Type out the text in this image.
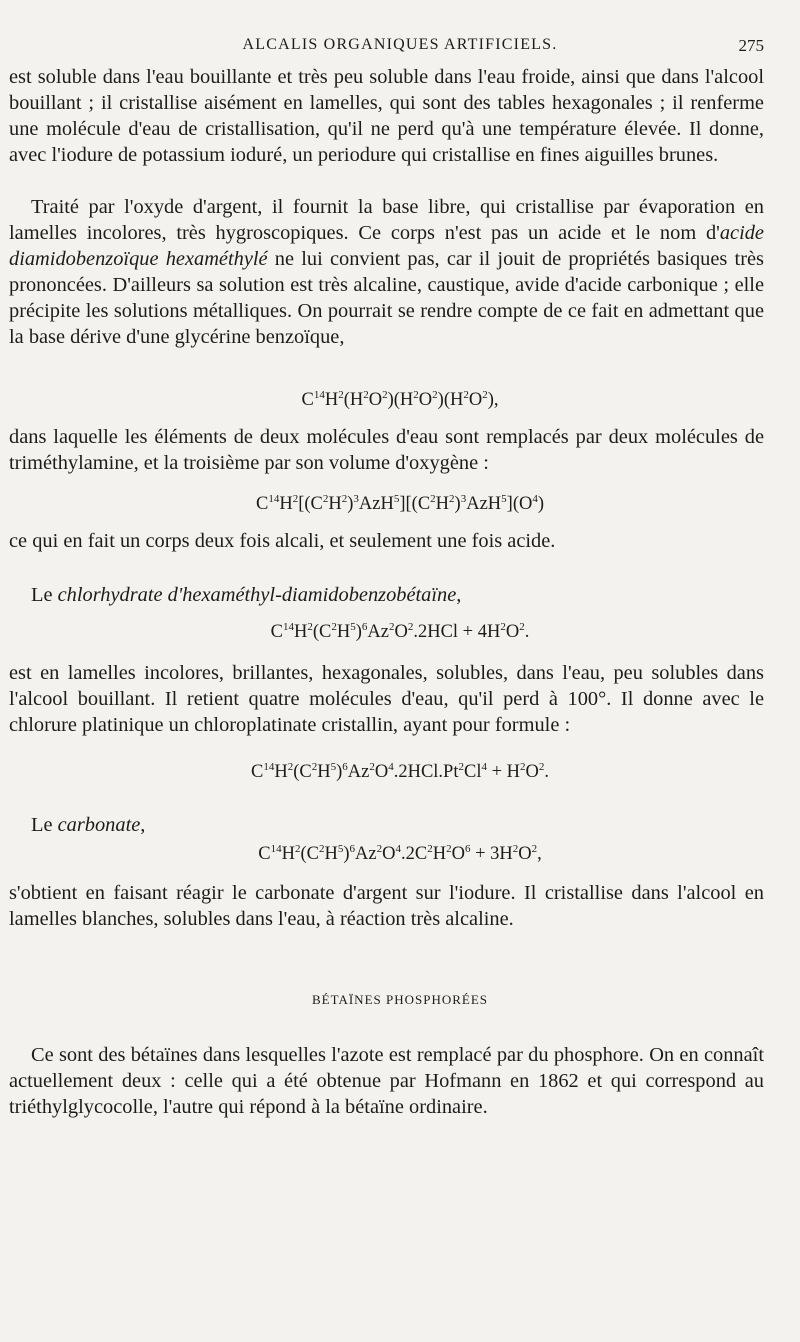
ALCALIS ORGANIQUES ARTIFICIELS.	275

est soluble dans l'eau bouillante et très peu soluble dans l'eau froide, ainsi que dans l'alcool bouillant ; il cristallise aisément en lamelles, qui sont des tables hexagonales ; il renferme une molécule d'eau de cristallisation, qu'il ne perd qu'à une température élevée. Il donne, avec l'iodure de potassium ioduré, un periodure qui cristallise en fines aiguilles brunes.

Traité par l'oxyde d'argent, il fournit la base libre, qui cristallise par évaporation en lamelles incolores, très hygroscopiques. Ce corps n'est pas un acide et le nom d'acide diamidobenzoïque hexaméthylé ne lui convient pas, car il jouit de propriétés basiques très prononcées. D'ailleurs sa solution est très alcaline, caustique, avide d'acide carbonique ; elle précipite les solutions métalliques. On pourrait se rendre compte de ce fait en admettant que la base dérive d'une glycérine benzoïque,

$C^{14}H^2(H^2O^2)(H^2O^2)(H^2O^2)$,

dans laquelle les éléments de deux molécules d'eau sont remplacés par deux molécules de triméthylamine, et la troisième par son volume d'oxygène :

$C^{14}H^2[(C^2H^2)^3AzH^5][(C^2H^2)^3AzH^5](O^4)$

ce qui en fait un corps deux fois alcali, et seulement une fois acide.

Le chlorhydrate d'hexaméthyl-diamidobenzobétaïne,
$C^{14}H^2(C^2H^5)^6Az^2O^2.2HCl + 4H^2O^2$.

est en lamelles incolores, brillantes, hexagonales, solubles, dans l'eau, peu solubles dans l'alcool bouillant. Il retient quatre molécules d'eau, qu'il perd à 100°. Il donne avec le chlorure platinique un chloroplatinate cristallin, ayant pour formule :

$C^{14}H^2(C^2H^5)^6Az^2O^4.2HCl.Pt^2Cl^4 + H^2O^2$.
Le carbonate,
$C^{14}H^2(C^2H^5)^6Az^2O^4.2C^2H^2O^6 + 3H^2O^2$,

s'obtient en faisant réagir le carbonate d'argent sur l'iodure. Il cristallise dans l'alcool en lamelles blanches, solubles dans l'eau, à réaction très alcaline.

BÉTAÏNES PHOSPHORÉES

Ce sont des bétaïnes dans lesquelles l'azote est remplacé par du phosphore. On en connaît actuellement deux : celle qui a été obtenue par Hofmann en 1862 et qui correspond au triéthylglycocolle, l'autre qui répond à la bétaïne ordinaire.
